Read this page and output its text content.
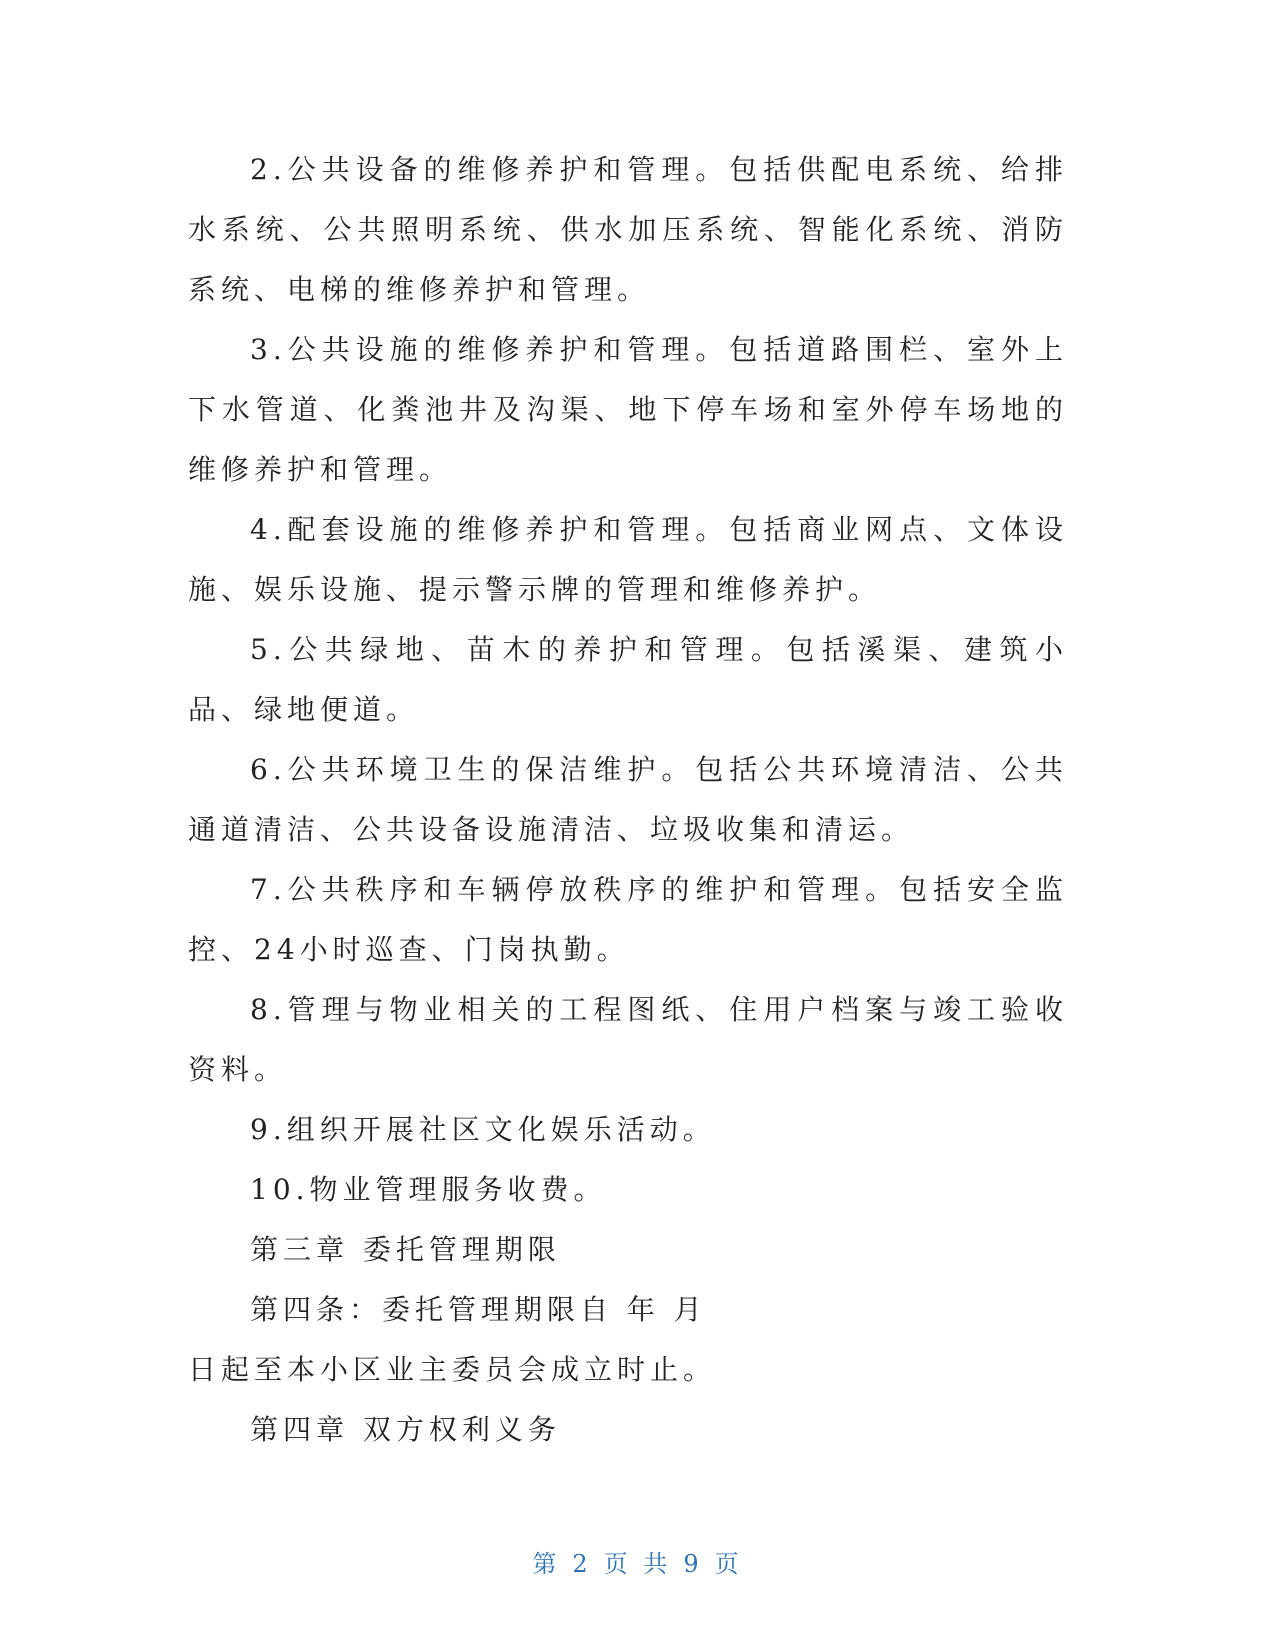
2.公共设备的维修养护和管理。包括供配电系统、给排水系统、公共照明系统、供水加压系统、智能化系统、消防系统、电梯的维修养护和管理。

3.公共设施的维修养护和管理。包括道路围栏、室外上下水管道、化粪池井及沟渠、地下停车场和室外停车场地的维修养护和管理。

4.配套设施的维修养护和管理。包括商业网点、文体设施、娱乐设施、提示警示牌的管理和维修养护。

5.公共绿地、苗木的养护和管理。包括溪渠、建筑小品、绿地便道。

6.公共环境卫生的保洁维护。包括公共环境清洁、公共通道清洁、公共设备设施清洁、垃圾收集和清运。

7.公共秩序和车辆停放秩序的维护和管理。包括安全监控、24小时巡查、门岗执勤。

8.管理与物业相关的工程图纸、住用户档案与竣工验收资料。

9.组织开展社区文化娱乐活动。

10.物业管理服务收费。

第三章 委托管理期限

第四条：委托管理期限自 年 月

日起至本小区业主委员会成立时止。

第四章 双方权利义务

第 2 页 共 9 页
